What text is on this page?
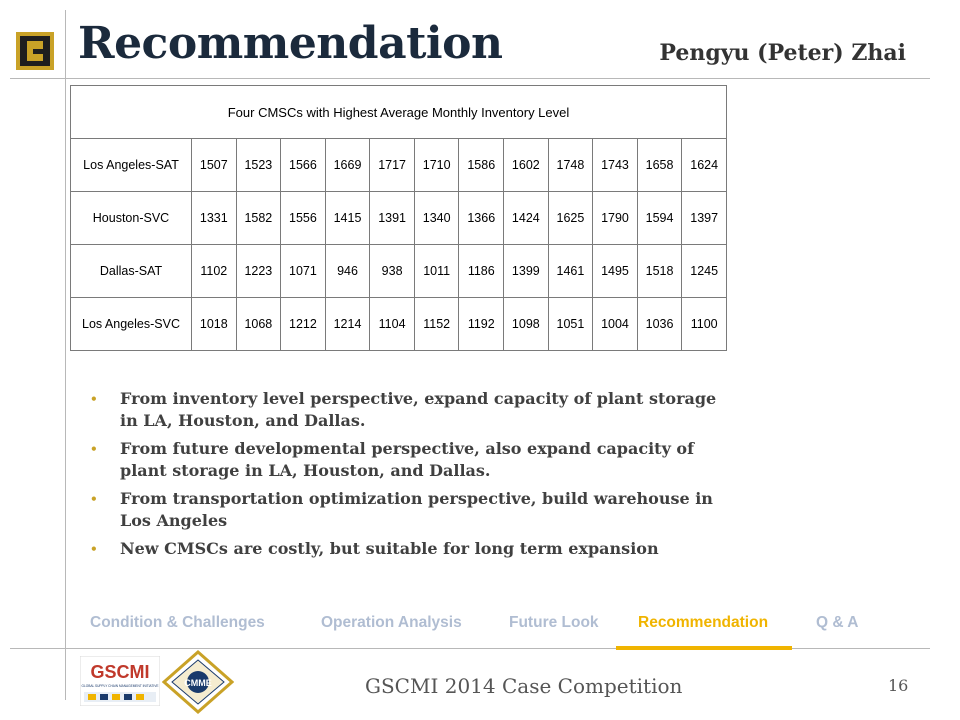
Recommendation	Pengyu (Peter) Zhai
Four CMSCs with Highest Average Monthly Inventory Level												
Los Angeles-SAT	1507	1523	1566	1669	1717	1710	1586	1602	1748	1743	1658	1624
Houston-SVC	1331	1582	1556	1415	1391	1340	1366	1424	1625	1790	1594	1397
Dallas-SAT	1102	1223	1071	946	938	1011	1186	1399	1461	1495	1518	1245
Los Angeles-SVC	1018	1068	1212	1214	1104	1152	1192	1098	1051	1004	1036	1100
• From inventory level perspective, expand capacity of plant storage in LA, Houston, and Dallas.
• From future developmental perspective, also expand capacity of plant storage in LA, Houston, and Dallas.
• From transportation optimization perspective, build warehouse in Los Angeles
• New CMSCs are costly, but suitable for long term expansion
Condition & Challenges	Operation Analysis	Future Look	Recommendation	Q & A
GSCMI
GLOBAL SUPPLY CHAIN MANAGEMENT INITIATIVE	CMME	GSCMI 2014 Case Competition	16
